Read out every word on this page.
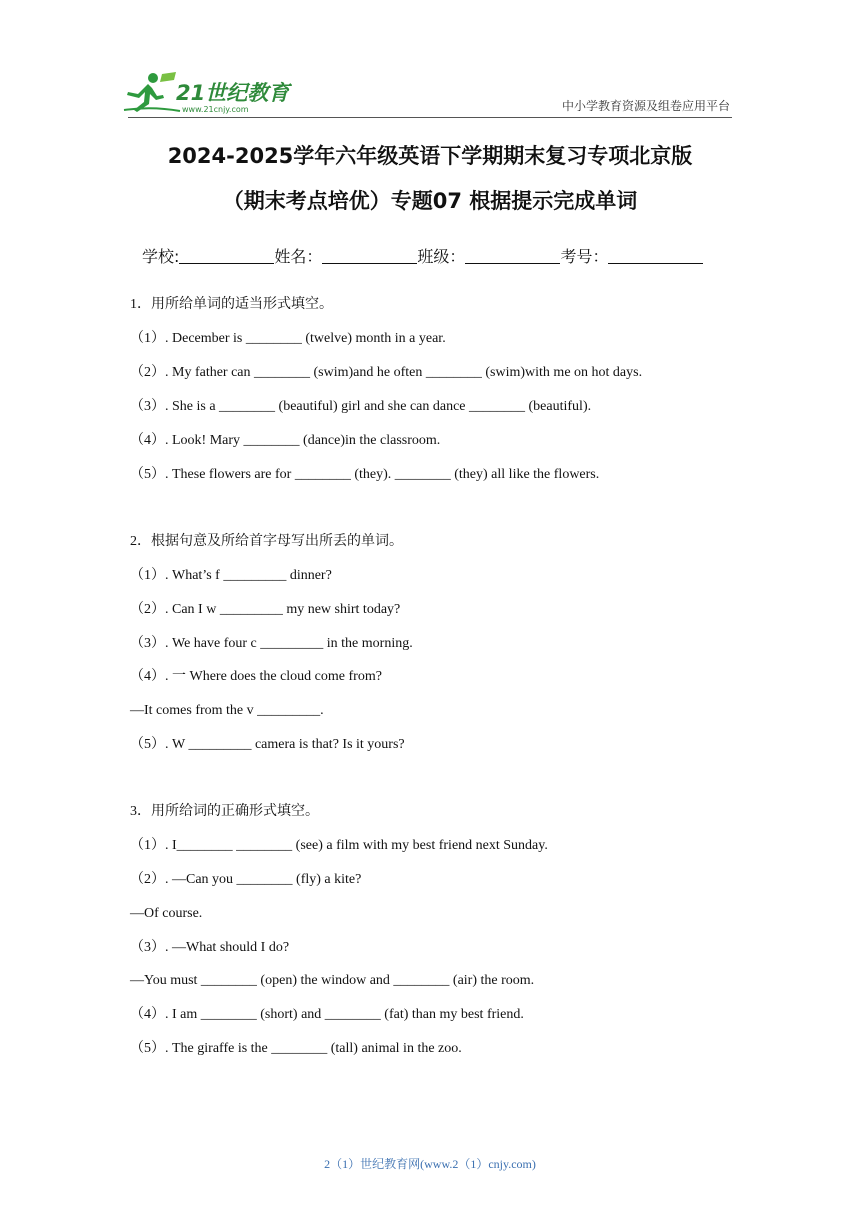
21世纪教育
www.21cnjy.com	中小学教育资源及组卷应用平台
2024-2025学年六年级英语下学期期末复习专项北京版
（期末考点培优）专题07 根据提示完成单词
学校:	姓名：	班级：	考号：
1．用所给单词的适当形式填空。
（1）. December is ________ (twelve) month in a year.
（2）. My father can ________ (swim)and he often ________ (swim)with me on hot days.
（3）. She is a ________ (beautiful) girl and she can dance ________ (beautiful).
（4）. Look! Mary ________ (dance)in the classroom.
（5）. These flowers are for ________ (they). ________ (they) all like the flowers.
2．根据句意及所给首字母写出所丢的单词。
（1）. What’s f _________ dinner?
（2）. Can I w _________ my new shirt today?
（3）. We have four c _________ in the morning.
（4）. 一 Where does the cloud come from?
—It comes from the v _________.
（5）. W _________ camera is that? Is it yours?
3．用所给词的正确形式填空。
（1）. I________ ________ (see) a film with my best friend next Sunday.
（2）. —Can you ________ (fly) a kite?
—Of course.
（3）. —What should I do?
—You must ________ (open) the window and ________ (air) the room.
（4）. I am ________ (short) and ________ (fat) than my best friend.
（5）. The giraffe is the ________ (tall) animal in the zoo.
2（1）世纪教育网(www.2（1）cnjy.com)
